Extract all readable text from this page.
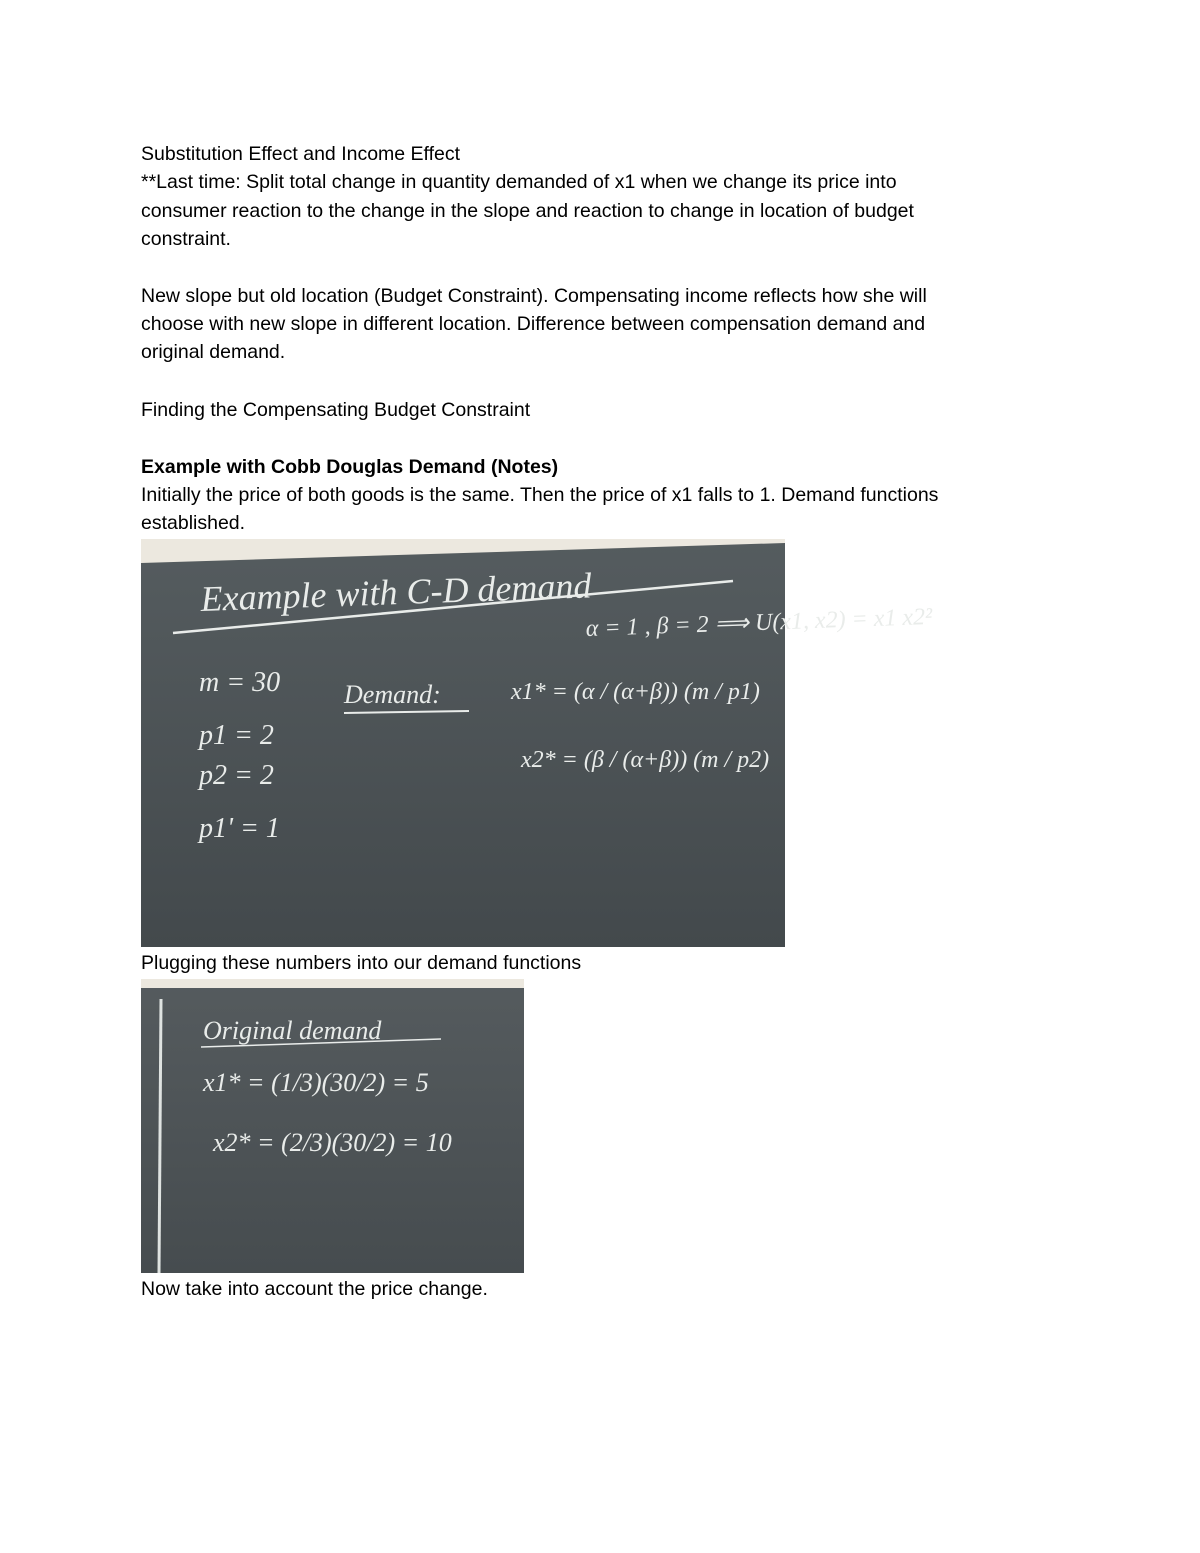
Substitution Effect and Income Effect
**Last time: Split total change in quantity demanded of x1 when we change its price into
consumer reaction to the change in the slope and reaction to change in location of budget
constraint.
New slope but old location (Budget Constraint). Compensating income reflects how she will
choose with new slope in different location. Difference between compensation demand and
original demand.
Finding the Compensating Budget Constraint
Example with Cobb Douglas Demand (Notes)
Initially the price of both goods is the same. Then the price of x1 falls to 1. Demand functions
established.
Example with C-D demand
α = 1 , β = 2 ⟹ U(x1, x2) = x1 x2²
m = 30
p1 = 2
p2 = 2
p1' = 1
Demand:	x1* = (α / (α+β)) (m / p1)
x2* = (β / (α+β)) (m / p2)
Plugging these numbers into our demand functions
Original demand
x1* = (1/3)(30/2) = 5
x2* = (2/3)(30/2) = 10
Now take into account the price change.
